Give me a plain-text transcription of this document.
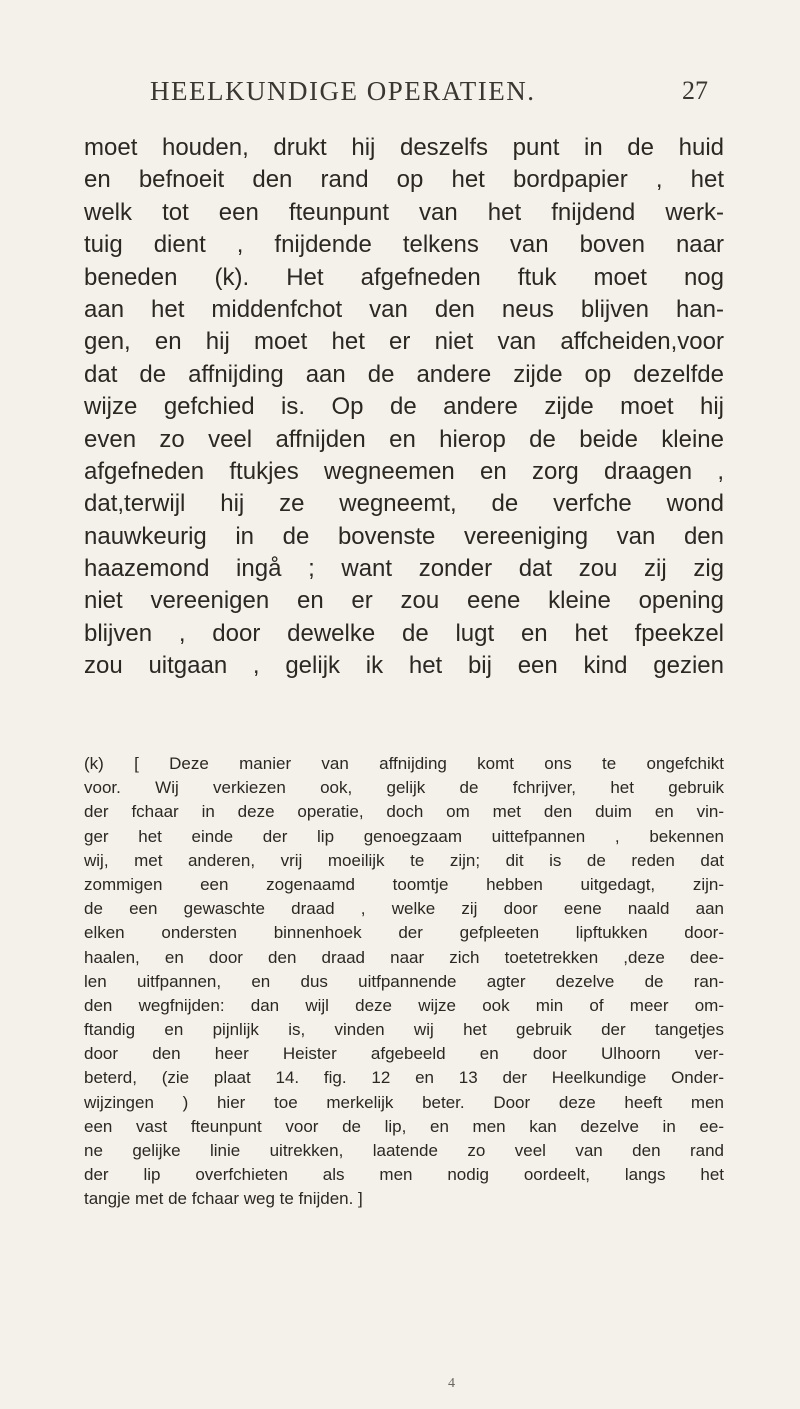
HEELKUNDIGE OPERATIEN.	27
moet houden, drukt hij deszelfs punt in de huid
en befnoeit den rand op het bordpapier , het
welk tot een fteunpunt van het fnijdend werk-
tuig dient , fnijdende telkens van boven naar
beneden (k). Het afgefneden ftuk moet nog
aan het middenfchot van den neus blijven han-
gen, en hij moet het er niet van affcheiden,voor
dat de affnijding aan de andere zijde op dezelfde
wijze gefchied is. Op de andere zijde moet hij
even zo veel affnijden en hierop de beide kleine
afgefneden ftukjes wegneemen en zorg draagen ,
dat,terwijl hij ze wegneemt, de verfche wond
nauwkeurig in de bovenste vereeniging van den
haazemond ingå ; want zonder dat zou zij zig
niet vereenigen en er zou eene kleine opening
blijven , door dewelke de lugt en het fpeekzel
zou uitgaan , gelijk ik het bij een kind gezien
(k) [ Deze manier van affnijding komt ons te ongefchikt
voor. Wij verkiezen ook, gelijk de fchrijver, het gebruik
der fchaar in deze operatie, doch om met den duim en vin-
ger het einde der lip genoegzaam uittefpannen , bekennen
wij, met anderen, vrij moeilijk te zijn; dit is de reden dat
zommigen een zogenaamd toomtje hebben uitgedagt, zijn-
de een gewaschte draad , welke zij door eene naald aan
elken ondersten binnenhoek der gefpleeten lipftukken door-
haalen, en door den draad naar zich toetetrekken ,deze dee-
len uitfpannen, en dus uitfpannende agter dezelve de ran-
den wegfnijden: dan wijl deze wijze ook min of meer om-
ftandig en pijnlijk is, vinden wij het gebruik der tangetjes
door den heer Heister afgebeeld en door Ulhoorn ver-
beterd, (zie plaat 14. fig. 12 en 13 der Heelkundige Onder-
wijzingen ) hier toe merkelijk beter. Door deze heeft men
een vast fteunpunt voor de lip, en men kan dezelve in ee-
ne gelijke linie uitrekken, laatende zo veel van den rand
der lip overfchieten als men nodig oordeelt, langs het
tangje met de fchaar weg te fnijden. ]
4
